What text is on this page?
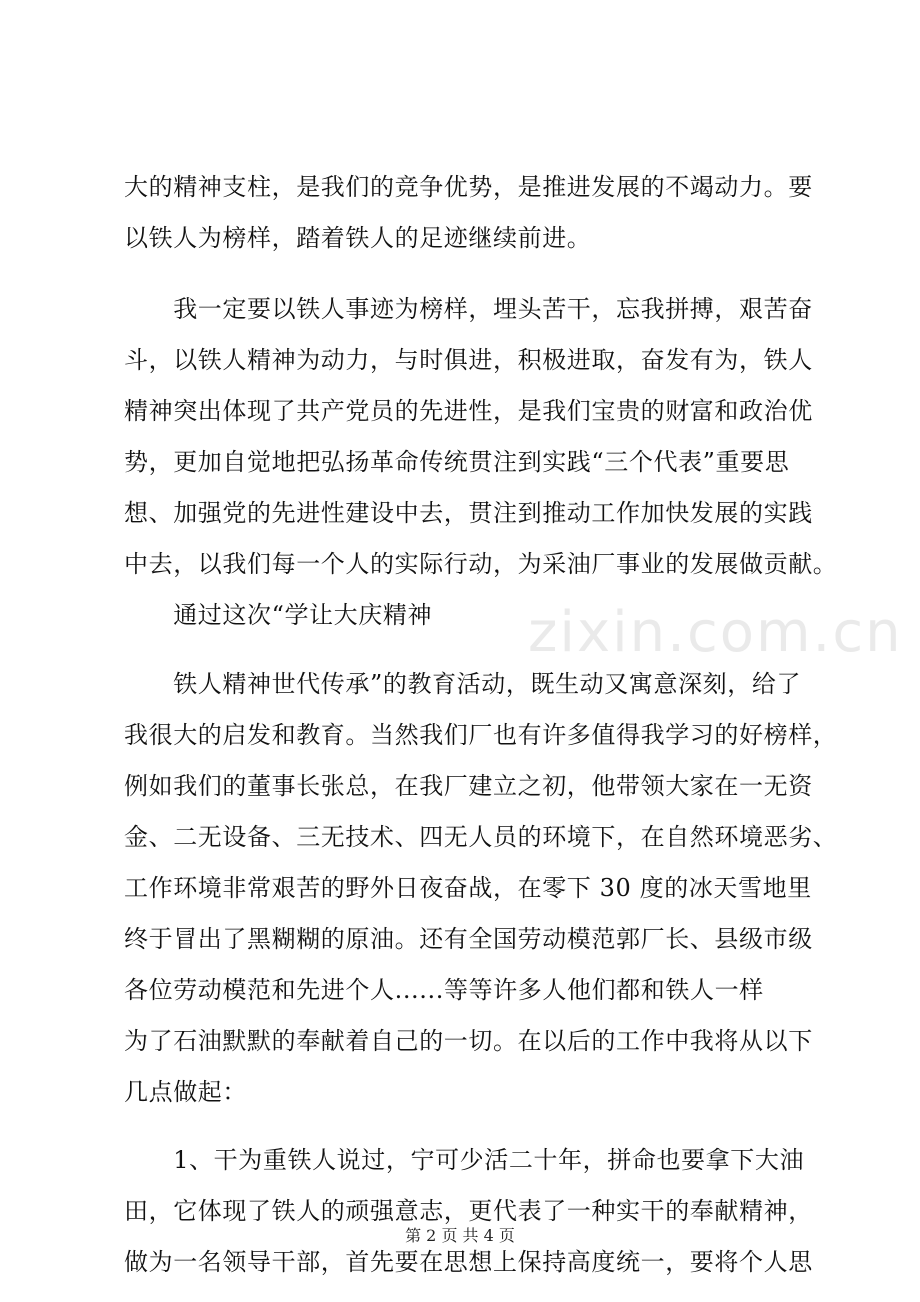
zixin.com.cn
大的精神支柱，是我们的竞争优势，是推进发展的不竭动力。要
以铁人为榜样，踏着铁人的足迹继续前进。
　　我一定要以铁人事迹为榜样，埋头苦干，忘我拼搏，艰苦奋
斗，以铁人精神为动力，与时俱进，积极进取，奋发有为，铁人
精神突出体现了共产党员的先进性，是我们宝贵的财富和政治优
势，更加自觉地把弘扬革命传统贯注到实践“三个代表”重要思
想、加强党的先进性建设中去，贯注到推动工作加快发展的实践
中去，以我们每一个人的实际行动，为采油厂事业的发展做贡献。
　　通过这次“学让大庆精神
　　铁人精神世代传承”的教育活动，既生动又寓意深刻，给了
我很大的启发和教育。当然我们厂也有许多值得我学习的好榜样，
例如我们的董事长张总，在我厂建立之初，他带领大家在一无资
金、二无设备、三无技术、四无人员的环境下，在自然环境恶劣、
工作环境非常艰苦的野外日夜奋战，在零下 30 度的冰天雪地里
终于冒出了黑糊糊的原油。还有全国劳动模范郭厂长、县级市级
各位劳动模范和先进个人......等等许多人他们都和铁人一样
为了石油默默的奉献着自己的一切。在以后的工作中我将从以下
几点做起：
　　1、干为重铁人说过，宁可少活二十年，拼命也要拿下大油
田，它体现了铁人的顽强意志，更代表了一种实干的奉献精神，
做为一名领导干部，首先要在思想上保持高度统一，要将个人思
第 2 页 共 4 页
